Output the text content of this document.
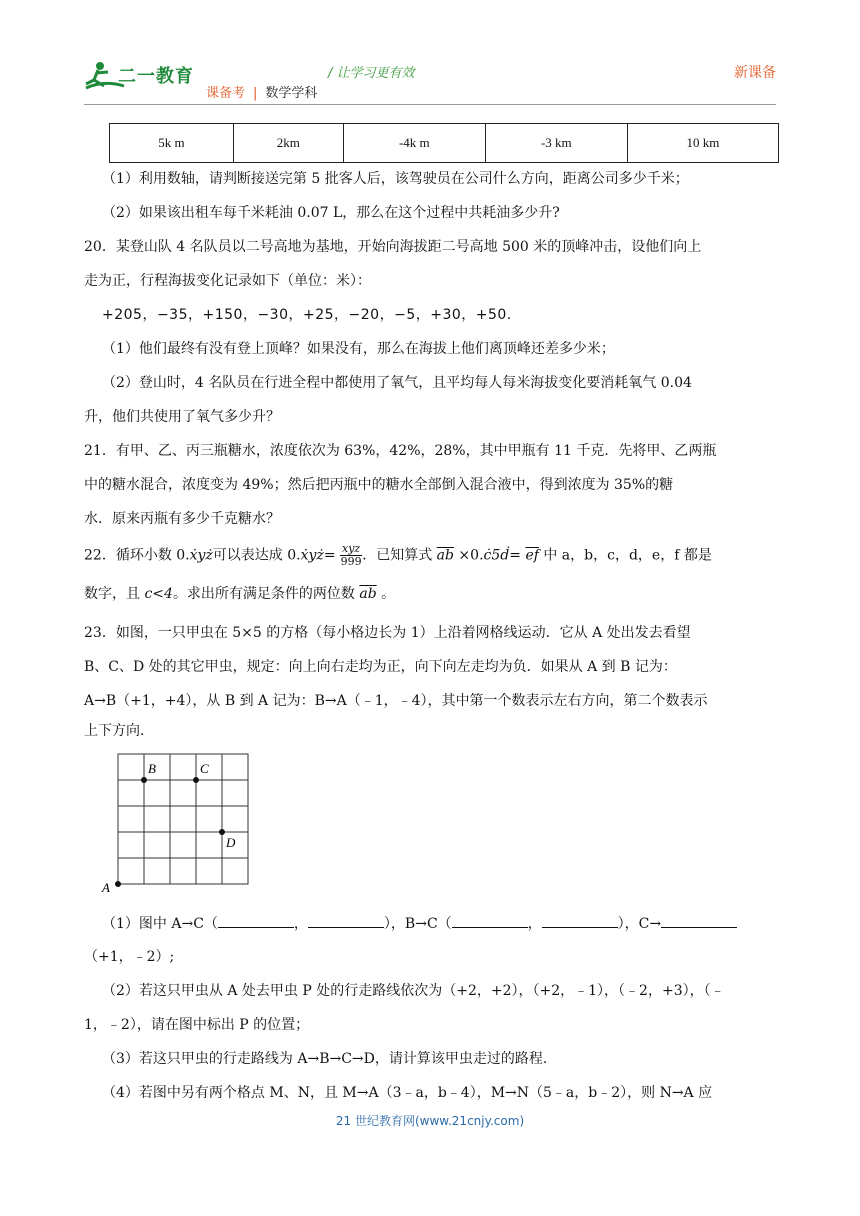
二一教育	/ 让学习更有效	新课备
课备考 | 数学学科
5k m	2km	-4k m	-3 km	10 km
（1）利用数轴，请判断接送完第 5 批客人后，该驾驶员在公司什么方向，距离公司多少千米；
（2）如果该出租车每千米耗油 0.07 L，那么在这个过程中共耗油多少升?
20．某登山队 4 名队员以二号高地为基地，开始向海拔距二号高地 500 米的顶峰冲击，设他们向上
走为正，行程海拔变化记录如下（单位：米）：
+205，−35，+150，−30，+25，−20，−5，+30，+50.
（1）他们最终有没有登上顶峰？如果没有，那么在海拔上他们离顶峰还差多少米；
（2）登山时，4 名队员在行进全程中都使用了氧气，且平均每人每米海拔变化要消耗氧气 0.04
升，他们共使用了氧气多少升？
21．有甲、乙、丙三瓶糖水，浓度依次为 63%，42%，28%，其中甲瓶有 11 千克．先将甲、乙两瓶
中的糖水混合，浓度变为 49%；然后把丙瓶中的糖水全部倒入混合液中，得到浓度为 35%的糖
水．原来丙瓶有多少千克糖水？
22．循环小数 0.ẋyż可以表达成 0.ẋyż= $\frac{\text{xyz}}{999}$ ．已知算式 $\overline{ab}$ ×0.ċ5ḋ= $\overline{ef}$ 中 a，b，c，d，e，f 都是
数字，且 c<4。求出所有满足条件的两位数 $\overline{ab}$ 。
23．如图，一只甲虫在 5×5 的方格（每小格边长为 1）上沿着网格线运动．它从 A 处出发去看望
B、C、D 处的其它甲虫，规定：向上向右走均为正，向下向左走均为负．如果从 A 到 B 记为：
A→B（+1，+4），从 B 到 A 记为：B→A（﹣1，﹣4），其中第一个数表示左右方向，第二个数表示
上下方向．
A
B	C
D
（1）图中 A→C（	，	），B→C（	，	），C→
（+1，﹣2）;
（2）若这只甲虫从 A 处去甲虫 P 处的行走路线依次为（+2，+2），（+2，﹣1），（﹣2，+3），（﹣
1，﹣2），请在图中标出 P 的位置；
（3）若这只甲虫的行走路线为 A→B→C→D，请计算该甲虫走过的路程.
（4）若图中另有两个格点 M、N，且 M→A（3﹣a，b﹣4），M→N（5﹣a，b﹣2），则 N→A 应
21 世纪教育网(www.21cnjy.com)
